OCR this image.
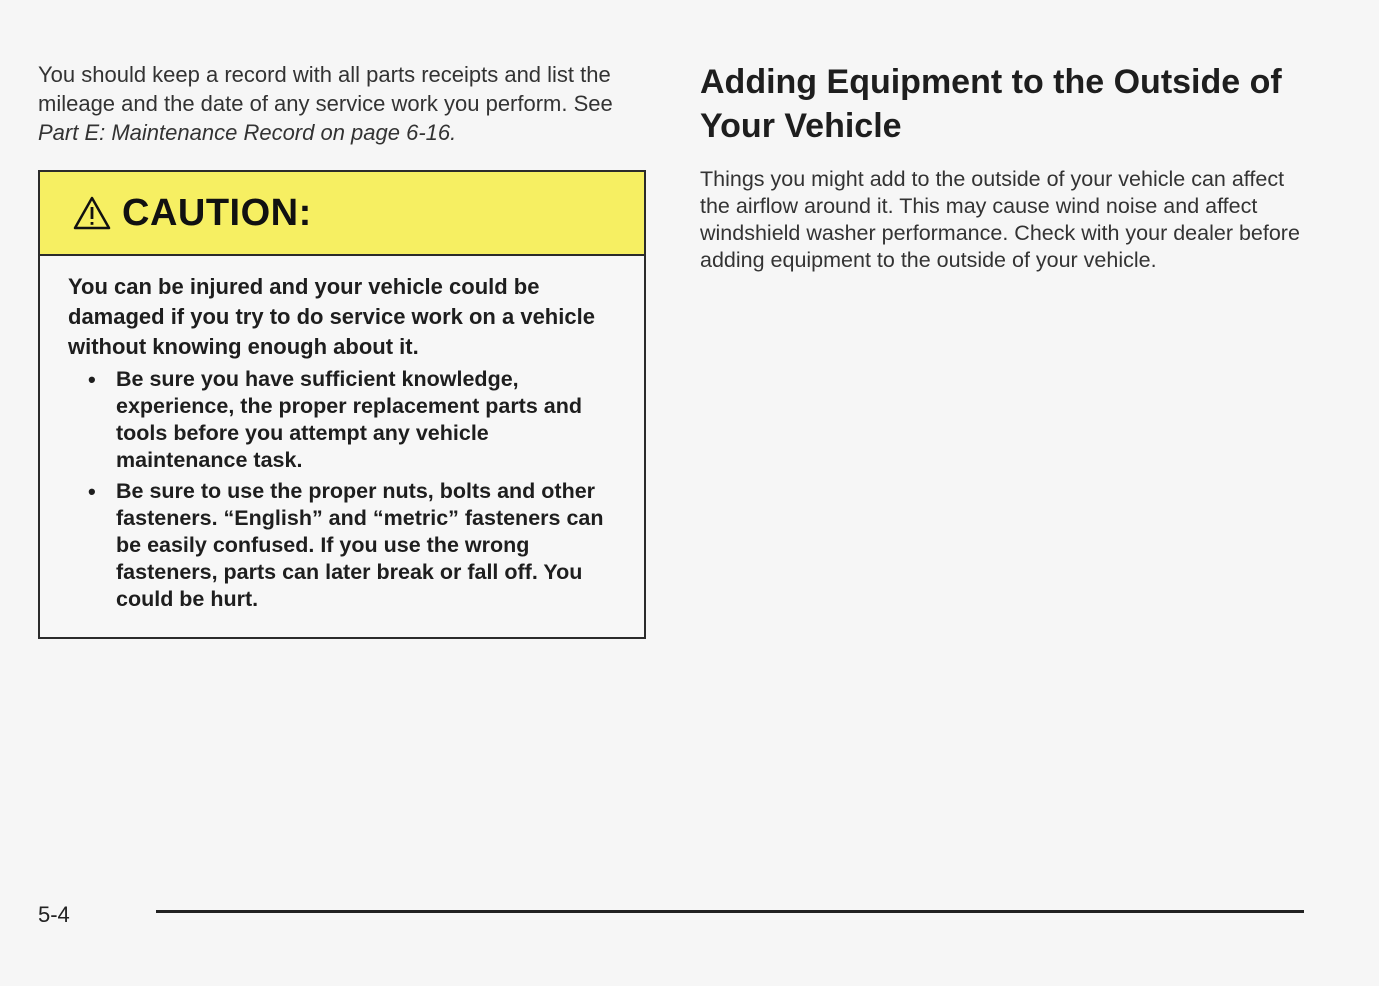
You should keep a record with all parts receipts and list the mileage and the date of any service work you perform. See Part E: Maintenance Record on page 6-16.

CAUTION:

You can be injured and your vehicle could be damaged if you try to do service work on a vehicle without knowing enough about it.

• Be sure you have sufficient knowledge, experience, the proper replacement parts and tools before you attempt any vehicle maintenance task.
• Be sure to use the proper nuts, bolts and other fasteners. “English” and “metric” fasteners can be easily confused. If you use the wrong fasteners, parts can later break or fall off. You could be hurt.
Adding Equipment to the Outside of Your Vehicle

Things you might add to the outside of your vehicle can affect the airflow around it. This may cause wind noise and affect windshield washer performance. Check with your dealer before adding equipment to the outside of your vehicle.

5-4
